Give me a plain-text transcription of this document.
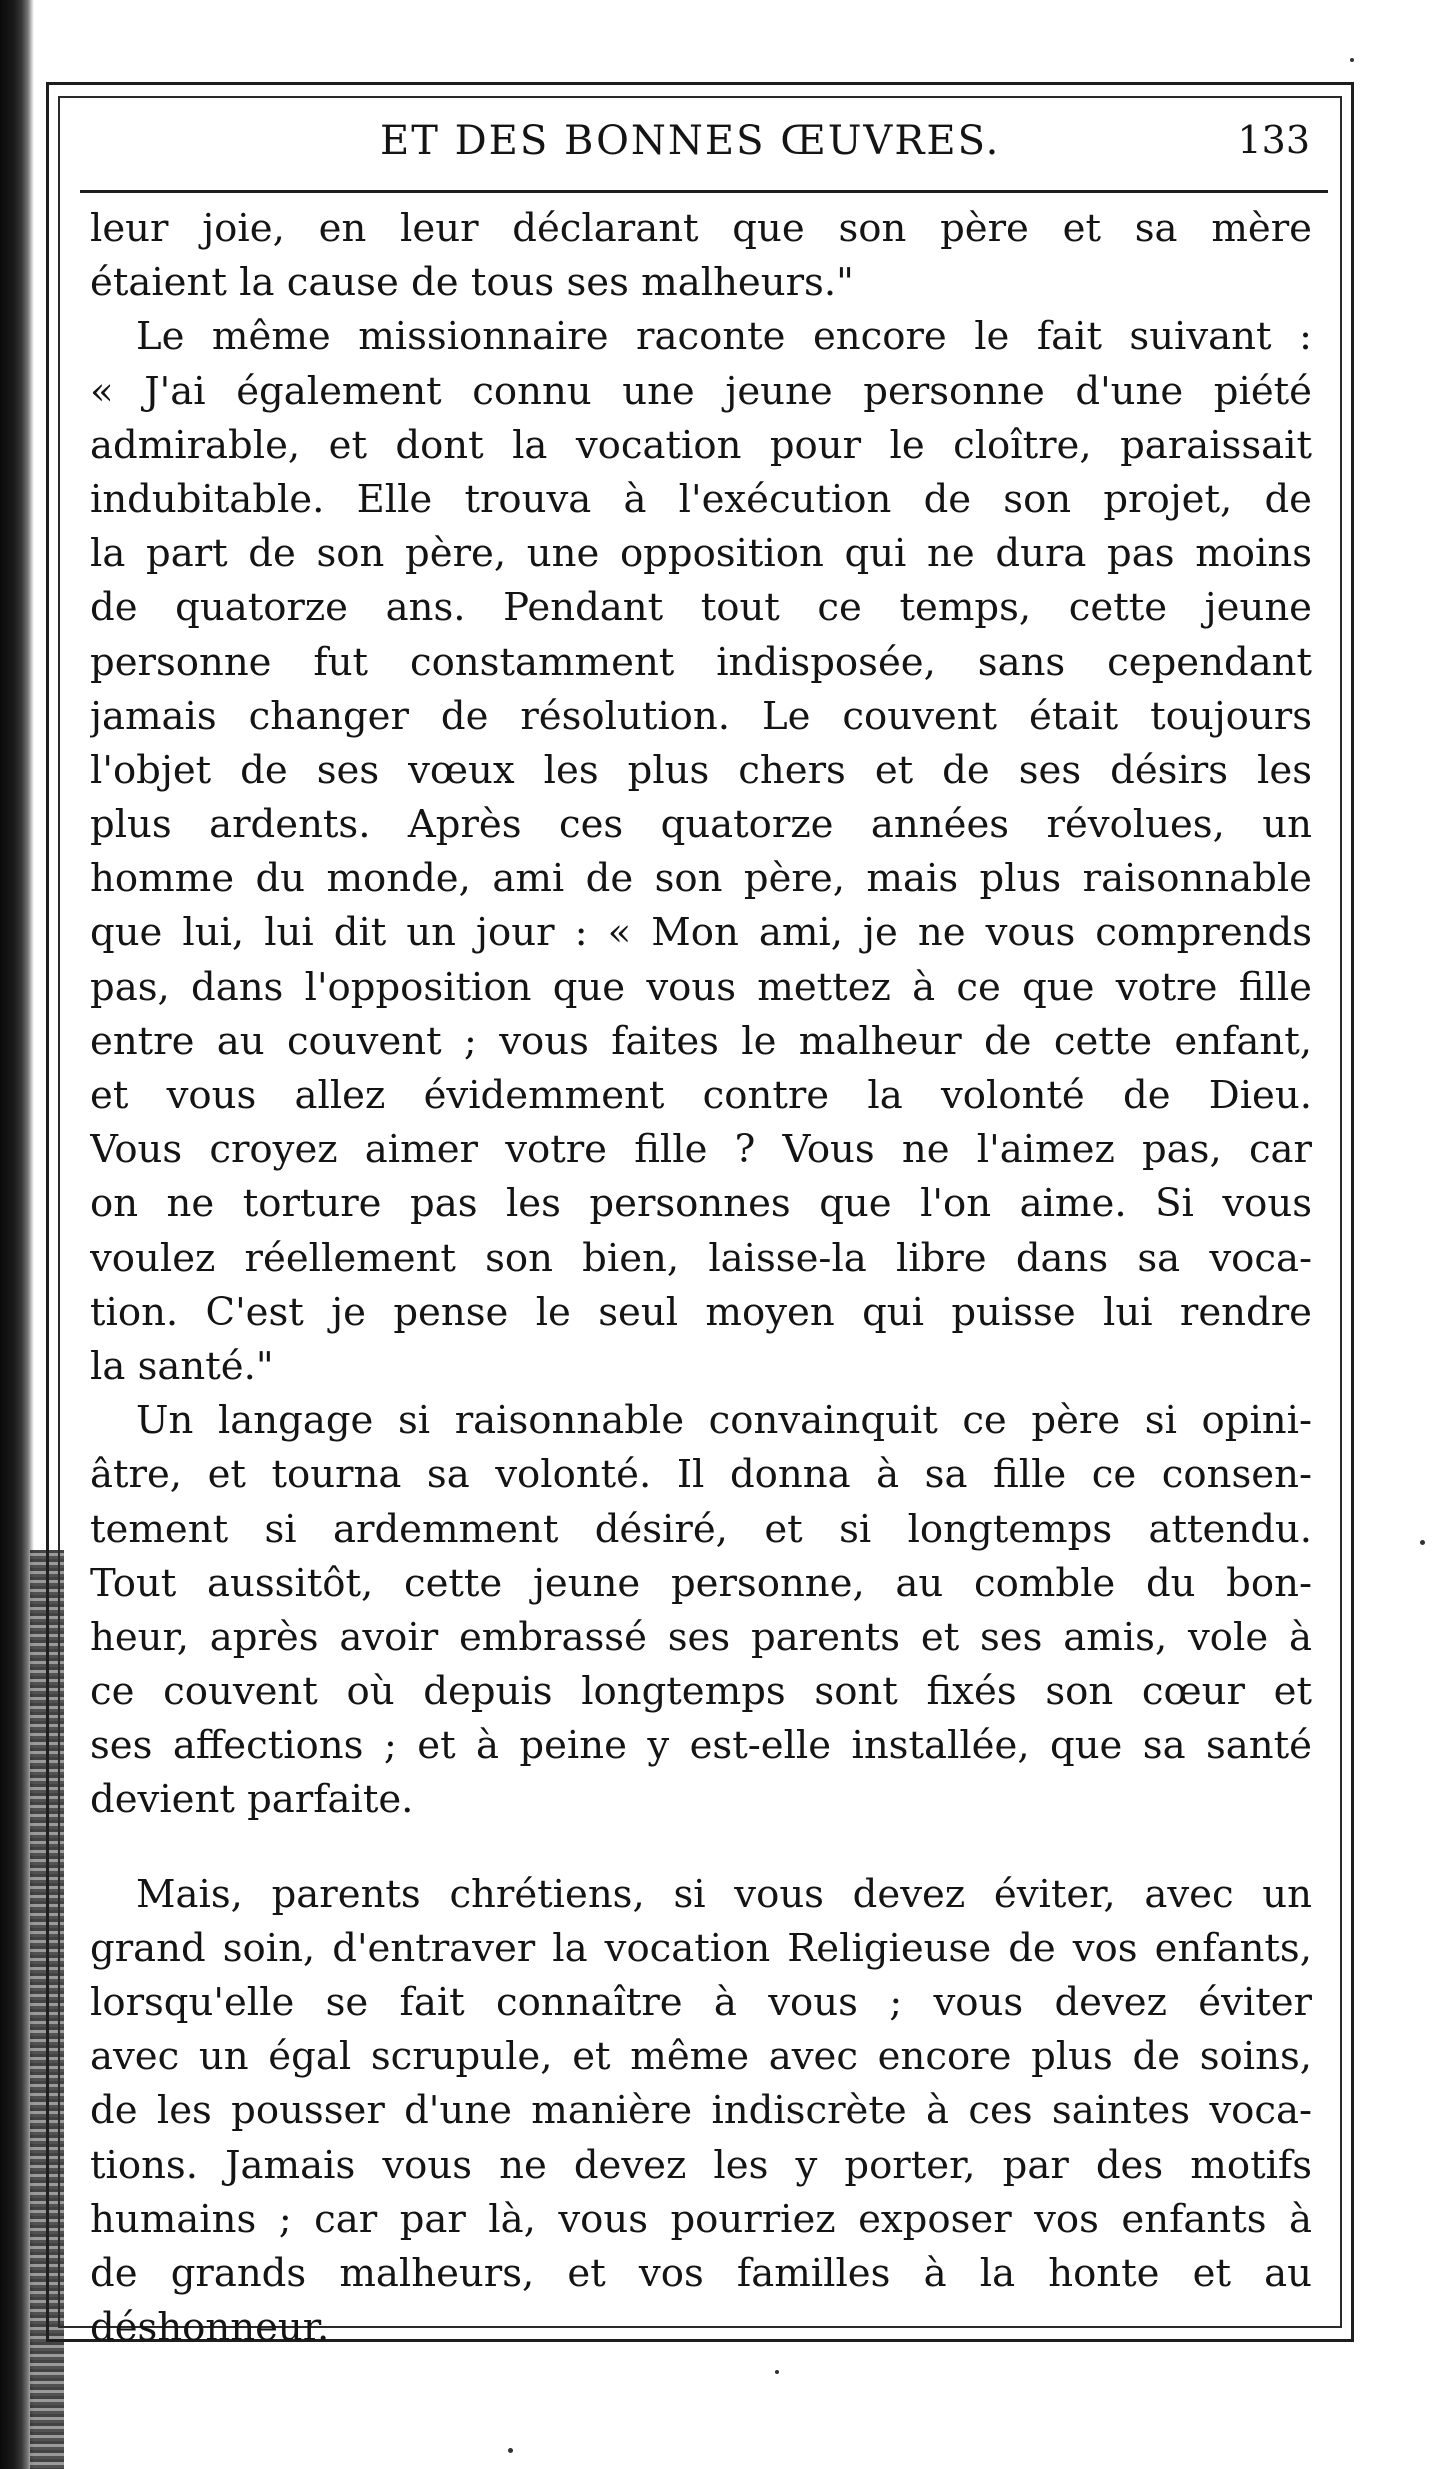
ET DES BONNES ŒUVRES.	133
leur joie, en leur déclarant que son père et sa mère
étaient la cause de tous ses malheurs."
Le même missionnaire raconte encore le fait suivant :
« J'ai également connu une jeune personne d'une piété
admirable, et dont la vocation pour le cloître, paraissait
indubitable. Elle trouva à l'exécution de son projet, de
la part de son père, une opposition qui ne dura pas moins
de quatorze ans. Pendant tout ce temps, cette jeune
personne fut constamment indisposée, sans cependant
jamais changer de résolution. Le couvent était toujours
l'objet de ses vœux les plus chers et de ses désirs les
plus ardents. Après ces quatorze années révolues, un
homme du monde, ami de son père, mais plus raisonnable
que lui, lui dit un jour : « Mon ami, je ne vous comprends
pas, dans l'opposition que vous mettez à ce que votre fille
entre au couvent ; vous faites le malheur de cette enfant,
et vous allez évidemment contre la volonté de Dieu.
Vous croyez aimer votre fille ? Vous ne l'aimez pas, car
on ne torture pas les personnes que l'on aime. Si vous
voulez réellement son bien, laisse-la libre dans sa voca-
tion. C'est je pense le seul moyen qui puisse lui rendre
la santé."
Un langage si raisonnable convainquit ce père si opini-
âtre, et tourna sa volonté. Il donna à sa fille ce consen-
tement si ardemment désiré, et si longtemps attendu.
Tout aussitôt, cette jeune personne, au comble du bon-
heur, après avoir embrassé ses parents et ses amis, vole à
ce couvent où depuis longtemps sont fixés son cœur et
ses affections ; et à peine y est-elle installée, que sa santé
devient parfaite.
Mais, parents chrétiens, si vous devez éviter, avec un
grand soin, d'entraver la vocation Religieuse de vos enfants,
lorsqu'elle se fait connaître à vous ; vous devez éviter
avec un égal scrupule, et même avec encore plus de soins,
de les pousser d'une manière indiscrète à ces saintes voca-
tions. Jamais vous ne devez les y porter, par des motifs
humains ; car par là, vous pourriez exposer vos enfants à
de grands malheurs, et vos familles à la honte et au
déshonneur.
